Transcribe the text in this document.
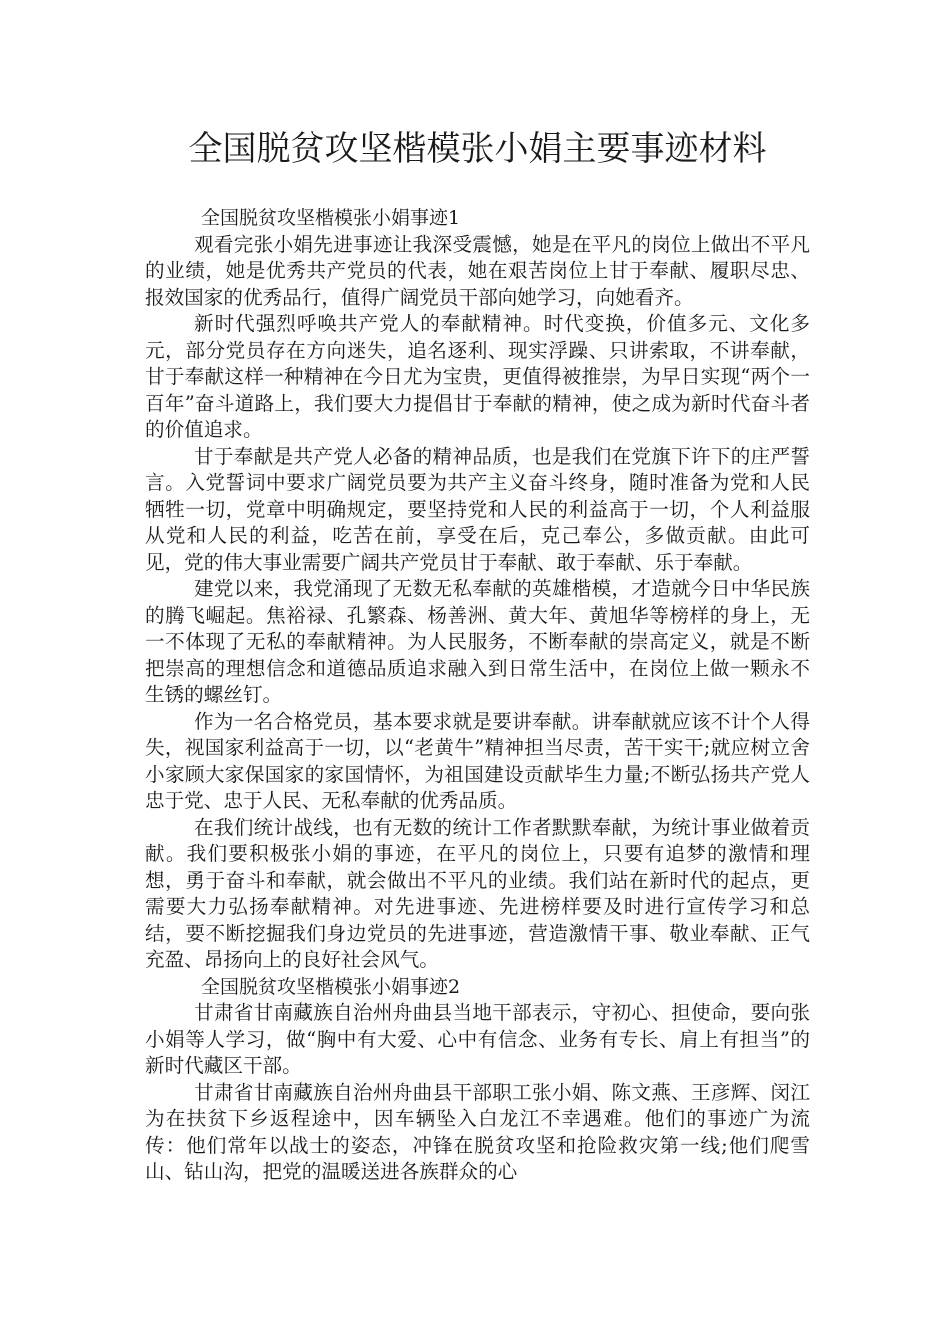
全国脱贫攻坚楷模张小娟主要事迹材料

全国脱贫攻坚楷模张小娟事迹1

观看完张小娟先进事迹让我深受震憾，她是在平凡的岗位上做出不平凡的业绩，她是优秀共产党员的代表，她在艰苦岗位上甘于奉献、履职尽忠、报效国家的优秀品行，值得广阔党员干部向她学习，向她看齐。

新时代强烈呼唤共产党人的奉献精神。时代变换，价值多元、文化多元，部分党员存在方向迷失，追名逐利、现实浮躁、只讲索取，不讲奉献，甘于奉献这样一种精神在今日尤为宝贵，更值得被推崇，为早日实现“两个一百年”奋斗道路上，我们要大力提倡甘于奉献的精神，使之成为新时代奋斗者的价值追求。

甘于奉献是共产党人必备的精神品质，也是我们在党旗下许下的庄严誓言。入党誓词中要求广阔党员要为共产主义奋斗终身，随时准备为党和人民牺牲一切，党章中明确规定，要坚持党和人民的利益高于一切，个人利益服从党和人民的利益，吃苦在前，享受在后，克己奉公，多做贡献。由此可见，党的伟大事业需要广阔共产党员甘于奉献、敢于奉献、乐于奉献。

建党以来，我党涌现了无数无私奉献的英雄楷模，才造就今日中华民族的腾飞崛起。焦裕禄、孔繁森、杨善洲、黄大年、黄旭华等榜样的身上，无一不体现了无私的奉献精神。为人民服务，不断奉献的崇高定义，就是不断把崇高的理想信念和道德品质追求融入到日常生活中，在岗位上做一颗永不生锈的螺丝钉。

作为一名合格党员，基本要求就是要讲奉献。讲奉献就应该不计个人得失，视国家利益高于一切，以“老黄牛”精神担当尽责，苦干实干;就应树立舍小家顾大家保国家的家国情怀，为祖国建设贡献毕生力量;不断弘扬共产党人忠于党、忠于人民、无私奉献的优秀品质。

在我们统计战线，也有无数的统计工作者默默奉献，为统计事业做着贡献。我们要积极张小娟的事迹，在平凡的岗位上，只要有追梦的激情和理想，勇于奋斗和奉献，就会做出不平凡的业绩。我们站在新时代的起点，更需要大力弘扬奉献精神。对先进事迹、先进榜样要及时进行宣传学习和总结，要不断挖掘我们身边党员的先进事迹，营造激情干事、敬业奉献、正气充盈、昂扬向上的良好社会风气。

全国脱贫攻坚楷模张小娟事迹2

甘肃省甘南藏族自治州舟曲县当地干部表示，守初心、担使命，要向张小娟等人学习，做“胸中有大爱、心中有信念、业务有专长、肩上有担当”的新时代藏区干部。

甘肃省甘南藏族自治州舟曲县干部职工张小娟、陈文燕、王彦辉、闵江为在扶贫下乡返程途中，因车辆坠入白龙江不幸遇难。他们的事迹广为流传：他们常年以战士的姿态，冲锋在脱贫攻坚和抢险救灾第一线;他们爬雪山、钻山沟，把党的温暖送进各族群众的心
